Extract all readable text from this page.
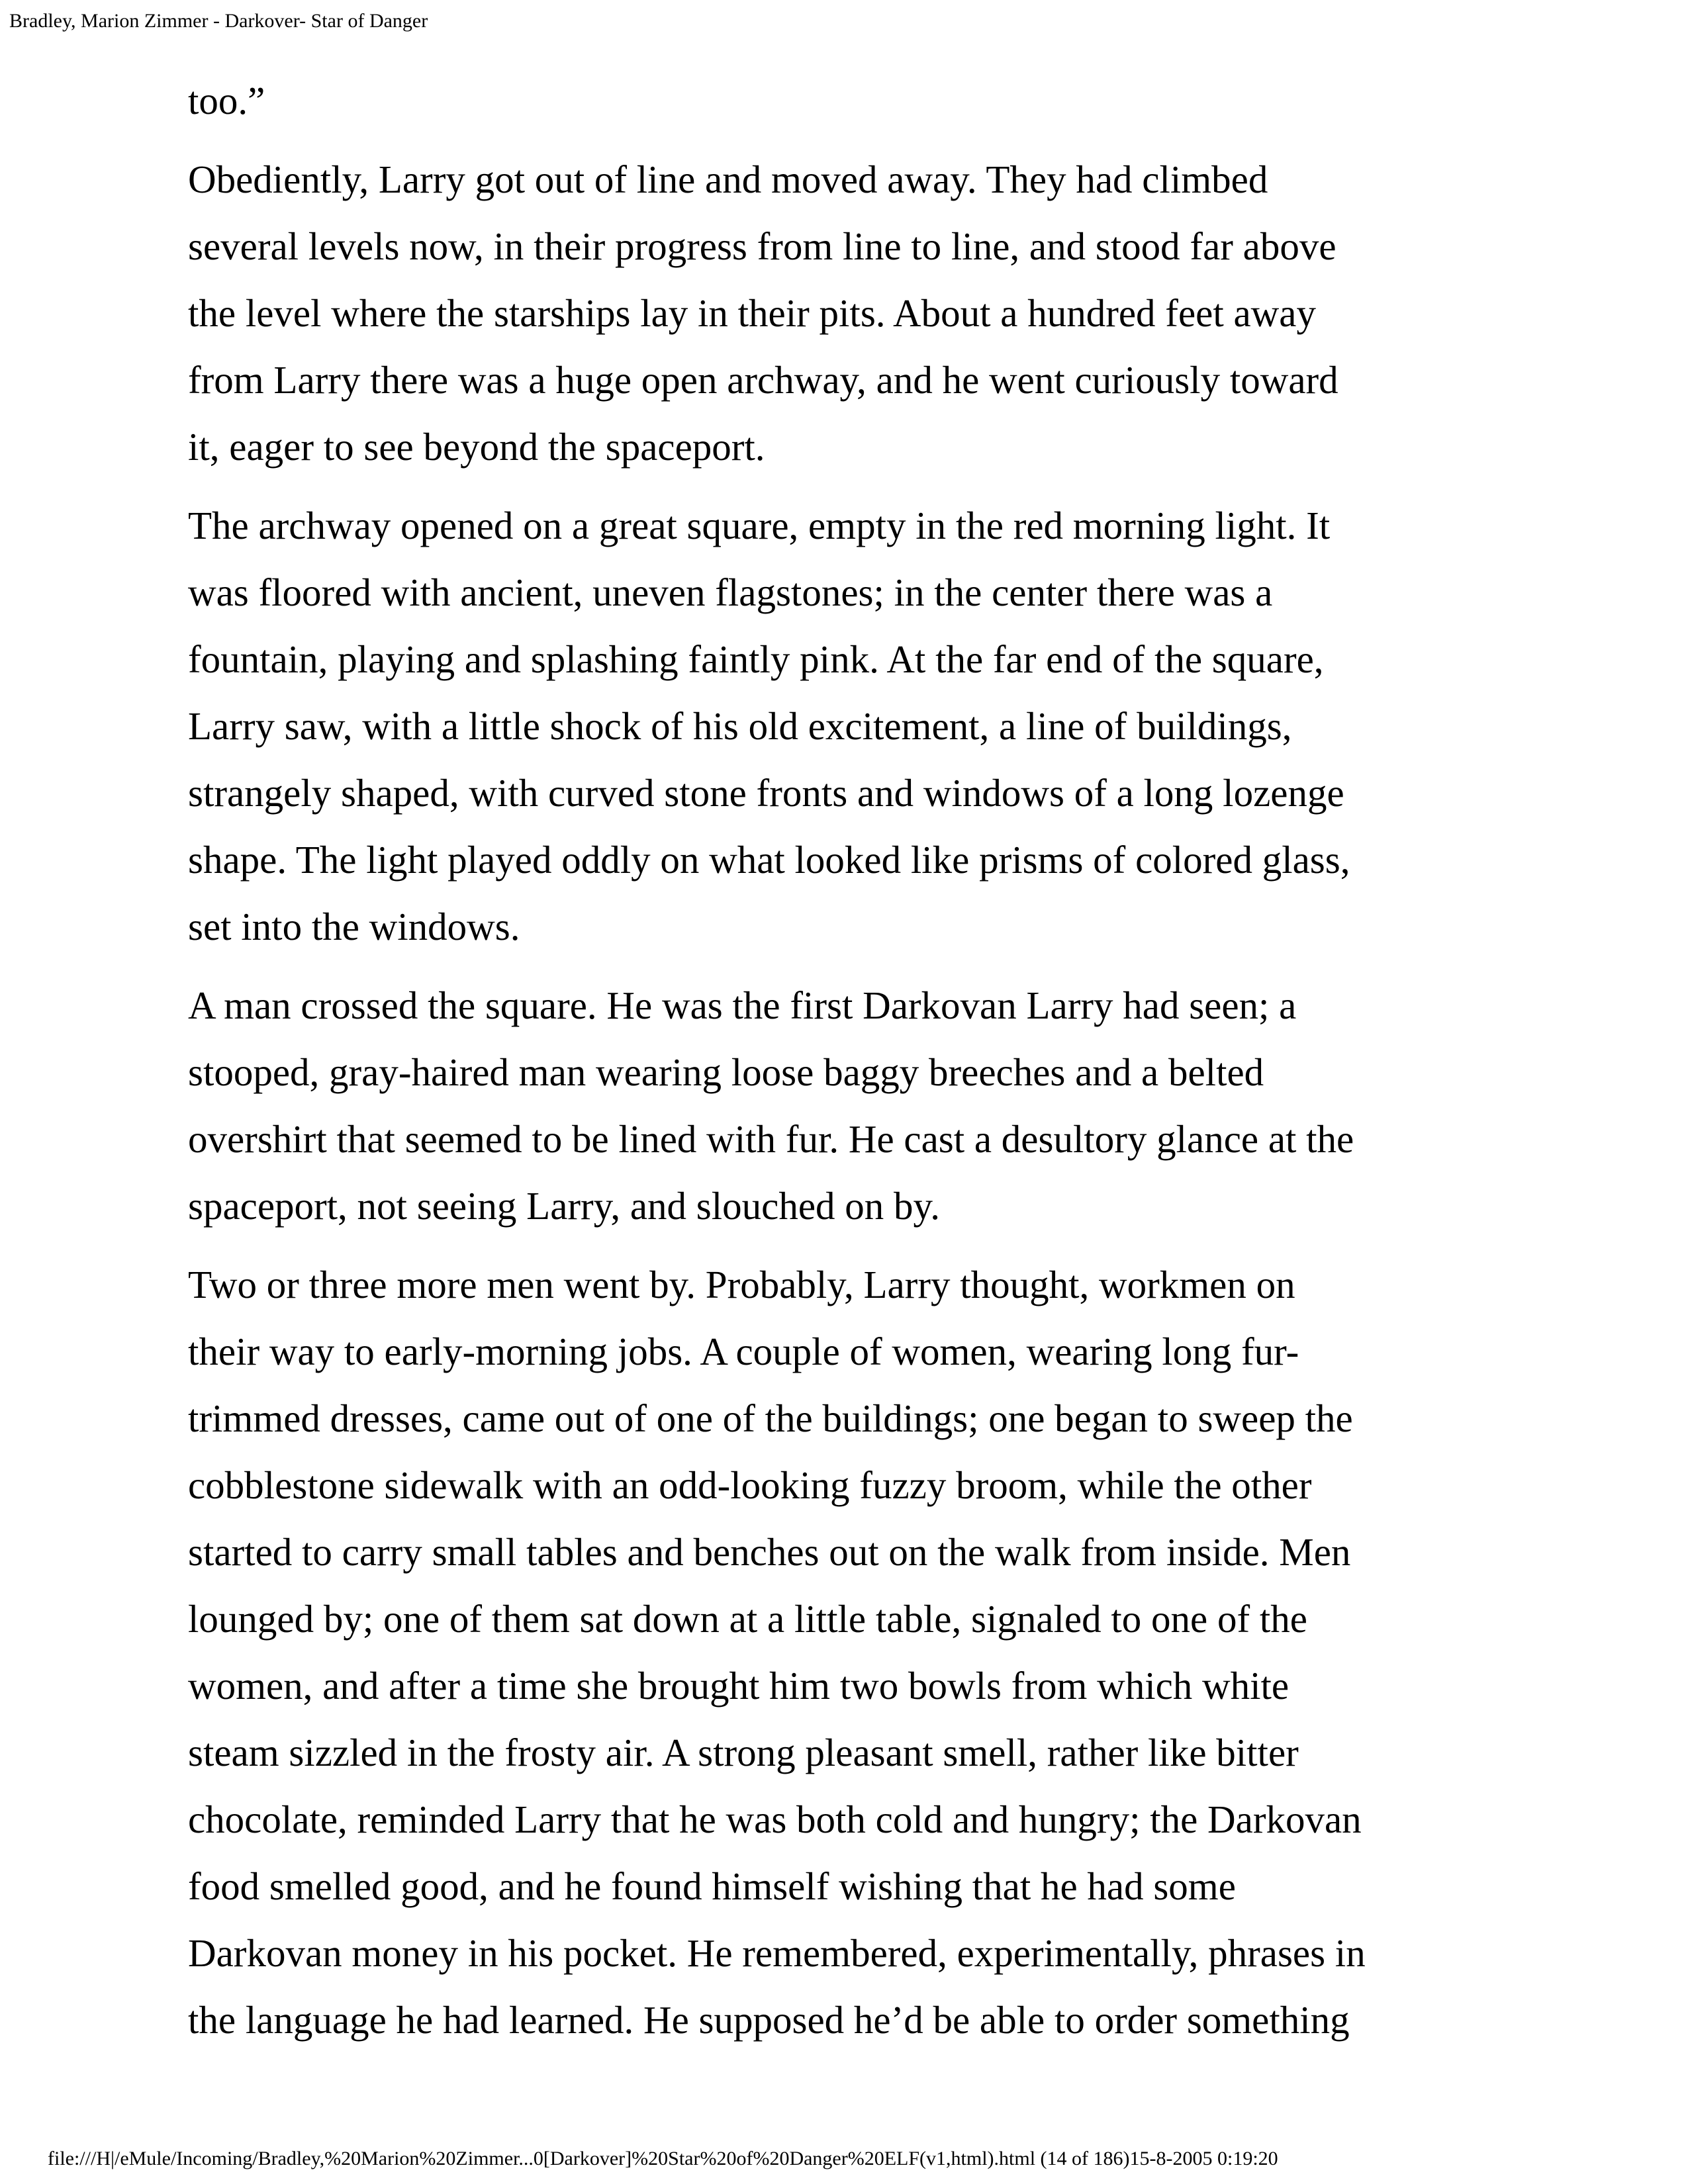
Bradley, Marion Zimmer - Darkover- Star of Danger

too.”

Obediently, Larry got out of line and moved away. They had climbed
several levels now, in their progress from line to line, and stood far above
the level where the starships lay in their pits. About a hundred feet away
from Larry there was a huge open archway, and he went curiously toward
it, eager to see beyond the spaceport.

The archway opened on a great square, empty in the red morning light. It
was floored with ancient, uneven flagstones; in the center there was a
fountain, playing and splashing faintly pink. At the far end of the square,
Larry saw, with a little shock of his old excitement, a line of buildings,
strangely shaped, with curved stone fronts and windows of a long lozenge
shape. The light played oddly on what looked like prisms of colored glass,
set into the windows.

A man crossed the square. He was the first Darkovan Larry had seen; a
stooped, gray-haired man wearing loose baggy breeches and a belted
overshirt that seemed to be lined with fur. He cast a desultory glance at the
spaceport, not seeing Larry, and slouched on by.

Two or three more men went by. Probably, Larry thought, workmen on
their way to early-morning jobs. A couple of women, wearing long fur-
trimmed dresses, came out of one of the buildings; one began to sweep the
cobblestone sidewalk with an odd-looking fuzzy broom, while the other
started to carry small tables and benches out on the walk from inside. Men
lounged by; one of them sat down at a little table, signaled to one of the
women, and after a time she brought him two bowls from which white
steam sizzled in the frosty air. A strong pleasant smell, rather like bitter
chocolate, reminded Larry that he was both cold and hungry; the Darkovan
food smelled good, and he found himself wishing that he had some
Darkovan money in his pocket. He remembered, experimentally, phrases in
the language he had learned. He supposed he’d be able to order something

file:///H|/eMule/Incoming/Bradley,%20Marion%20Zimmer...0[Darkover]%20Star%20of%20Danger%20ELF(v1,html).html (14 of 186)15-8-2005 0:19:20
